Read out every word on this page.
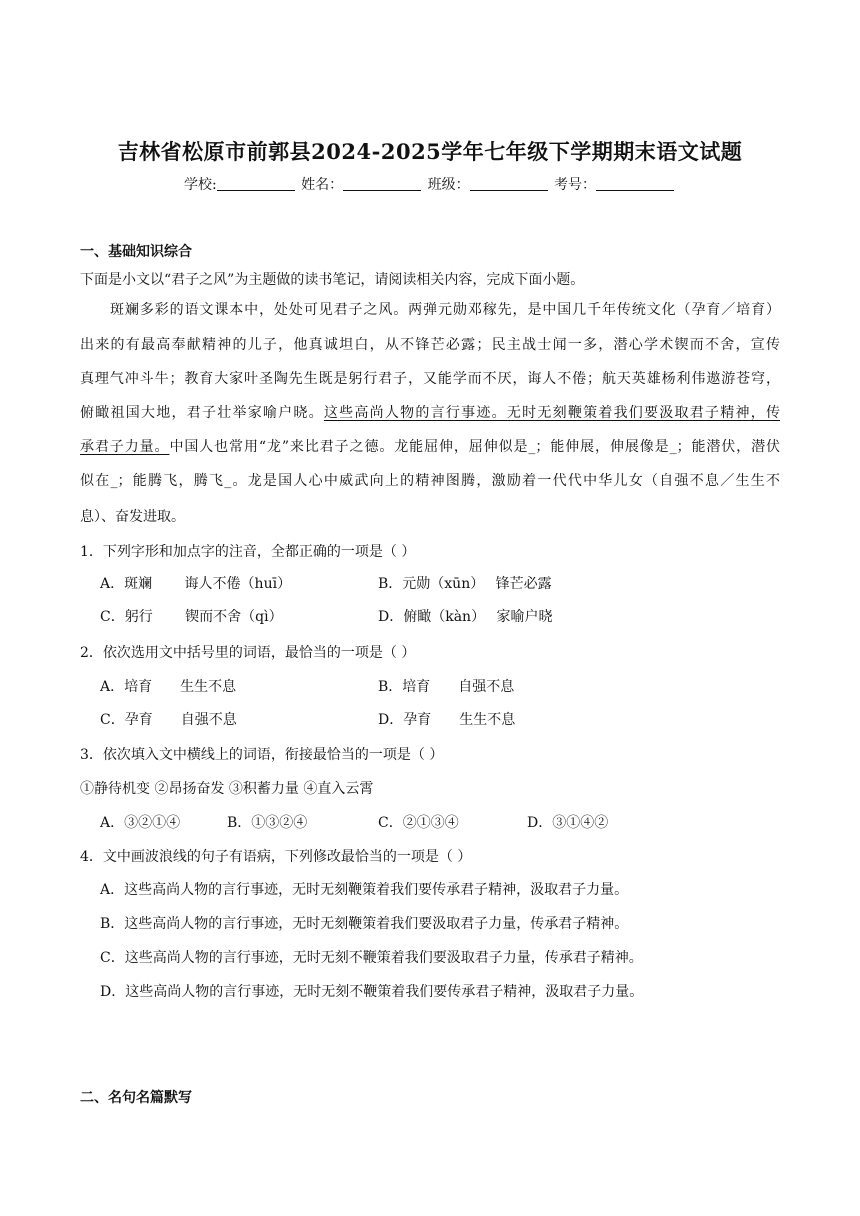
吉林省松原市前郭县2024-2025学年七年级下学期期末语文试题
学校:	姓名：	班级：	考号：
一、基础知识综合
下面是小文以“君子之风”为主题做的读书笔记，请阅读相关内容，完成下面小题。
斑斓多彩的语文课本中，处处可见君子之风。两弹元勋邓稼先，是中国几千年传统文化（孕育／培育）
出来的有最高奉献精神的儿子，他真诚坦白，从不锋芒必露；民主战士闻一多，潜心学术锲而不舍，宣传
真理气冲斗牛；教育大家叶圣陶先生既是躬行君子，又能学而不厌，诲人不倦；航天英雄杨利伟遨游苍穹，
俯瞰祖国大地，君子壮举家喻户晓。这些高尚人物的言行事迹。无时无刻鞭策着我们要汲取君子精神，传
承君子力量。中国人也常用“龙”来比君子之德。龙能屈伸，屈伸似是_；能伸展，伸展像是_；能潜伏，潜伏
似在_；能腾飞，腾飞_。龙是国人心中威武向上的精神图腾，激励着一代代中华儿女（自强不息／生生不
息）、奋发进取。
1．下列字形和加点字的注音，全都正确的一项是（ ）
A．斑斓　　 诲人不倦（huī）	B．元勋（xūn）　 锋芒必露
C．躬行　　 锲而不舍（qì）	D．俯瞰（kàn）　 家喻户晓
2．依次选用文中括号里的词语，最恰当的一项是（ ）
A．培育　　生生不息	B．培育　　自强不息
C．孕育　　自强不息	D．孕育　　生生不息
3．依次填入文中横线上的词语，衔接最恰当的一项是（ ）
①静待机变 ②昂扬奋发 ③积蓄力量 ④直入云霄
A．③②①④	B．①③②④	C．②①③④	D．③①④②
4．文中画波浪线的句子有语病，下列修改最恰当的一项是（ ）
A．这些高尚人物的言行事迹，无时无刻鞭策着我们要传承君子精神，汲取君子力量。
B．这些高尚人物的言行事迹，无时无刻鞭策着我们要汲取君子力量，传承君子精神。
C．这些高尚人物的言行事迹，无时无刻不鞭策着我们要汲取君子力量，传承君子精神。
D．这些高尚人物的言行事迹，无时无刻不鞭策着我们要传承君子精神，汲取君子力量。
二、名句名篇默写
